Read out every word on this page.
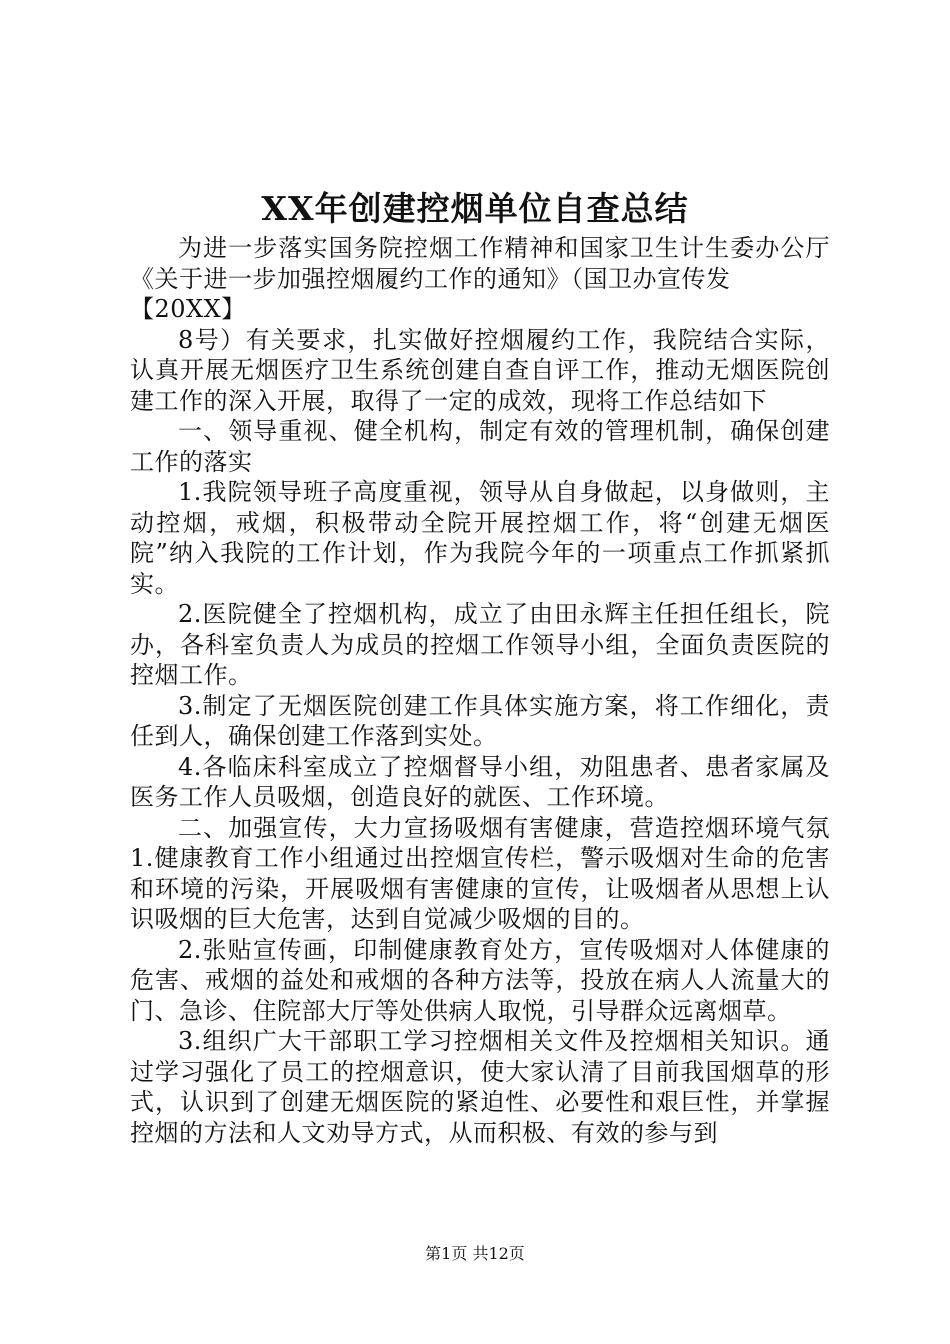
XX年创建控烟单位自查总结

为进一步落实国务院控烟工作精神和国家卫生计生委办公厅《关于进一步加强控烟履约工作的通知》（国卫办宣传发

【20XX】

8号）有关要求，扎实做好控烟履约工作，我院结合实际，认真开展无烟医疗卫生系统创建自查自评工作，推动无烟医院创建工作的深入开展，取得了一定的成效，现将工作总结如下

一、领导重视、健全机构，制定有效的管理机制，确保创建工作的落实

1.我院领导班子高度重视，领导从自身做起，以身做则，主动控烟，戒烟，积极带动全院开展控烟工作，将“创建无烟医院”纳入我院的工作计划，作为我院今年的一项重点工作抓紧抓实。

2.医院健全了控烟机构，成立了由田永辉主任担任组长，院办，各科室负责人为成员的控烟工作领导小组，全面负责医院的控烟工作。

3.制定了无烟医院创建工作具体实施方案，将工作细化，责任到人，确保创建工作落到实处。

4.各临床科室成立了控烟督导小组，劝阻患者、患者家属及医务工作人员吸烟，创造良好的就医、工作环境。

二、加强宣传，大力宣扬吸烟有害健康，营造控烟环境气氛1.健康教育工作小组通过出控烟宣传栏，警示吸烟对生命的危害和环境的污染，开展吸烟有害健康的宣传，让吸烟者从思想上认识吸烟的巨大危害，达到自觉减少吸烟的目的。

2.张贴宣传画，印制健康教育处方，宣传吸烟对人体健康的危害、戒烟的益处和戒烟的各种方法等，投放在病人人流量大的门、急诊、住院部大厅等处供病人取悦，引导群众远离烟草。

3.组织广大干部职工学习控烟相关文件及控烟相关知识。通过学习强化了员工的控烟意识，使大家认清了目前我国烟草的形式，认识到了创建无烟医院的紧迫性、必要性和艰巨性，并掌握控烟的方法和人文劝导方式，从而积极、有效的参与到

第1页 共12页
